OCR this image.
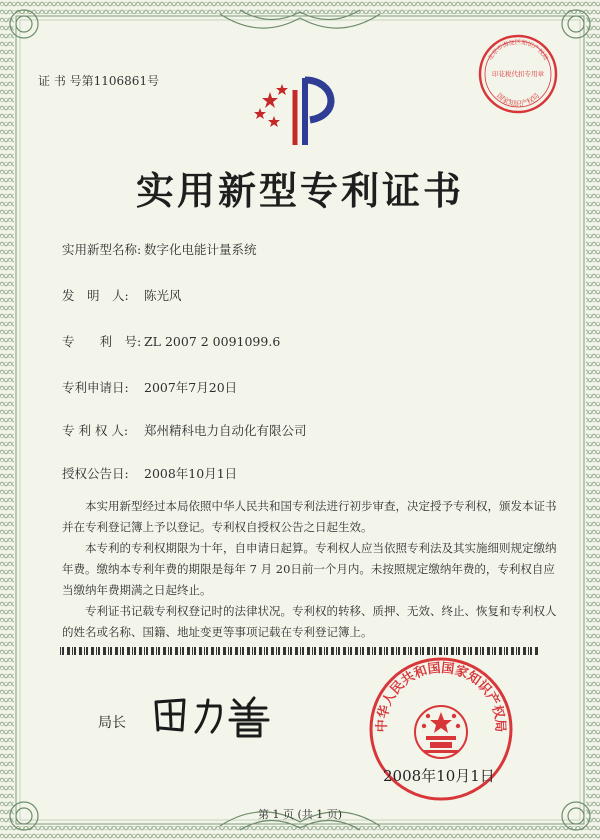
北京市海淀区知识产权局
国家知识产权局
印花税代扣专用章
证 书 号第1106861号
实用新型专利证书
实用新型名称: 数字化电能计量系统
发　明　人: 陈光风
专　　利　号: ZL 2007 2 0091099.6
专利申请日: 2007年7月20日
专 利 权 人: 郑州精科电力自动化有限公司
授权公告日: 2008年10月1日
本实用新型经过本局依照中华人民共和国专利法进行初步审查，决定授予专利权，颁发本证书并在专利登记簿上予以登记。专利权自授权公告之日起生效。
本专利的专利权期限为十年，自申请日起算。专利权人应当依照专利法及其实施细则规定缴纳年费。缴纳本专利年费的期限是每年 7 月 20日前一个月内。未按照规定缴纳年费的，专利权自应当缴纳年费期满之日起终止。
专利证书记载专利权登记时的法律状况。专利权的转移、质押、无效、终止、恢复和专利权人的姓名或名称、国籍、地址变更等事项记载在专利登记簿上。
局长	中华人民共和国国家知识产权局
2008年10月1日
第 1 页 (共 1 页)
